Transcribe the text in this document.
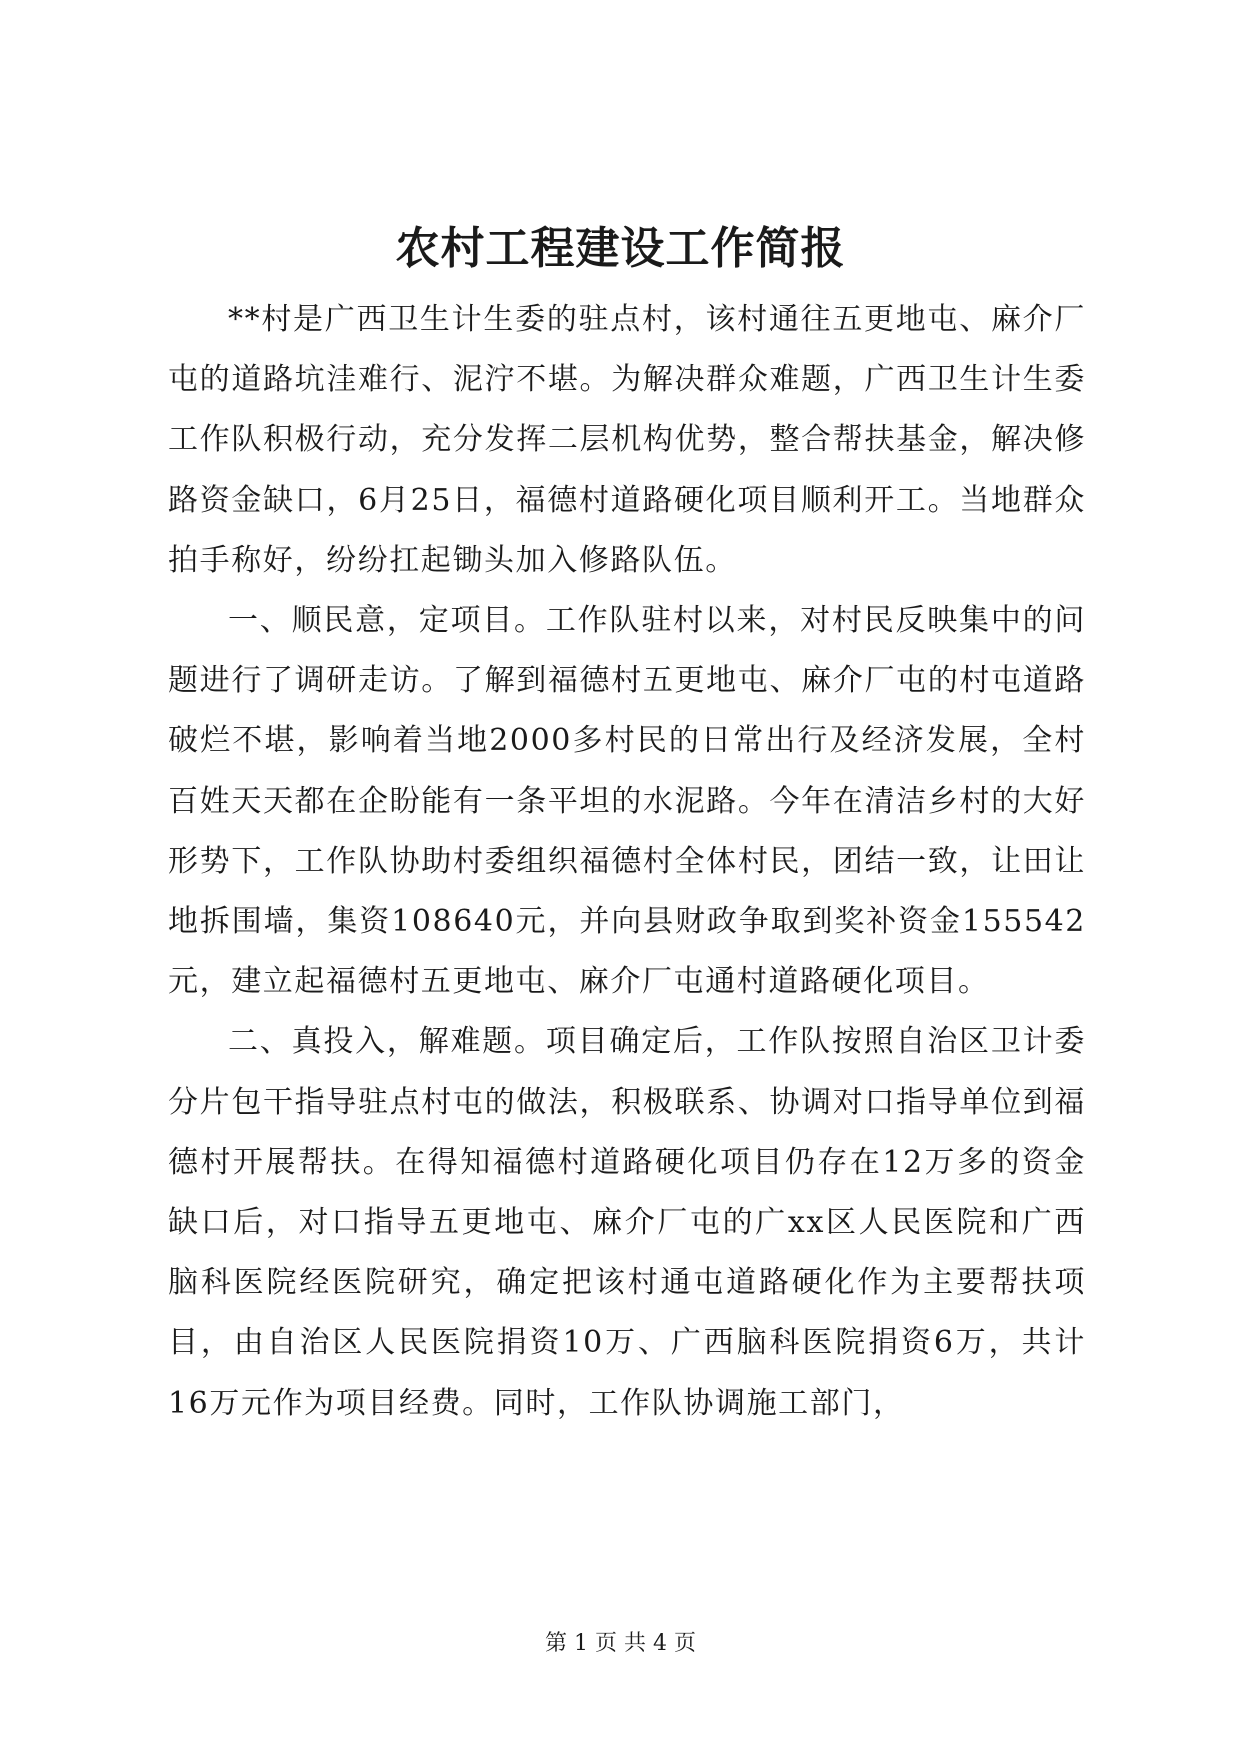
农村工程建设工作简报

**村是广西卫生计生委的驻点村，该村通往五更地屯、麻介厂屯的道路坑洼难行、泥泞不堪。为解决群众难题，广西卫生计生委工作队积极行动，充分发挥二层机构优势，整合帮扶基金，解决修路资金缺口，6月25日，福德村道路硬化项目顺利开工。当地群众拍手称好，纷纷扛起锄头加入修路队伍。

一、顺民意，定项目。工作队驻村以来，对村民反映集中的问题进行了调研走访。了解到福德村五更地屯、麻介厂屯的村屯道路破烂不堪，影响着当地2000多村民的日常出行及经济发展，全村百姓天天都在企盼能有一条平坦的水泥路。今年在清洁乡村的大好形势下，工作队协助村委组织福德村全体村民，团结一致，让田让地拆围墙，集资108640元，并向县财政争取到奖补资金155542元，建立起福德村五更地屯、麻介厂屯通村道路硬化项目。

二、真投入，解难题。项目确定后，工作队按照自治区卫计委分片包干指导驻点村屯的做法，积极联系、协调对口指导单位到福德村开展帮扶。在得知福德村道路硬化项目仍存在12万多的资金缺口后，对口指导五更地屯、麻介厂屯的广xx区人民医院和广西脑科医院经医院研究，确定把该村通屯道路硬化作为主要帮扶项目，由自治区人民医院捐资10万、广西脑科医院捐资6万，共计16万元作为项目经费。同时，工作队协调施工部门，

第 1 页 共 4 页
